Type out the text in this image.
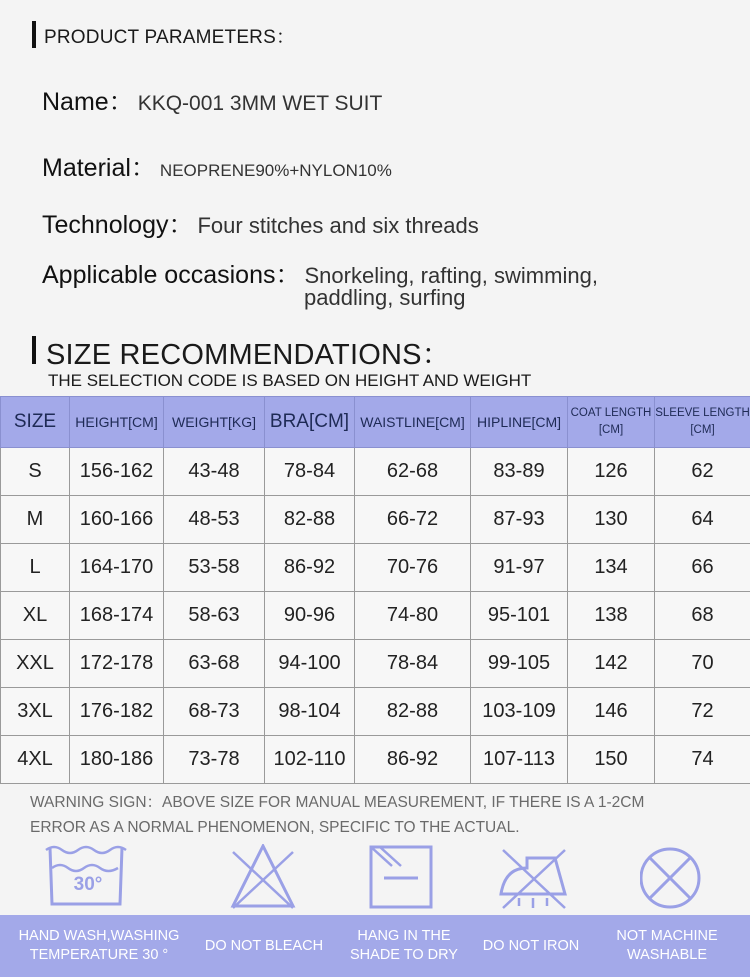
PRODUCT PARAMETERS：
Name： KKQ-001 3MM WET SUIT
Material： NEOPRENE90%+NYLON10%
Technology： Four stitches and six threads
Applicable occasions： Snorkeling, rafting, swimming,
paddling, surfing
SIZE RECOMMENDATIONS：
THE SELECTION CODE IS BASED ON HEIGHT AND WEIGHT
SIZE	HEIGHT[CM]	WEIGHT[KG]	BRA[CM]	WAISTLINE[CM]	HIPLINE[CM]	COAT LENGTH
[CM]	SLEEVE LENGTH
[CM]
S	156-162	43-48	78-84	62-68	83-89	126	62
M	160-166	48-53	82-88	66-72	87-93	130	64
L	164-170	53-58	86-92	70-76	91-97	134	66
XL	168-174	58-63	90-96	74-80	95-101	138	68
XXL	172-178	63-68	94-100	78-84	99-105	142	70
3XL	176-182	68-73	98-104	82-88	103-109	146	72
4XL	180-186	73-78	102-110	86-92	107-113	150	74
WARNING SIGN：ABOVE SIZE FOR MANUAL MEASUREMENT, IF THERE IS A 1-2CM
ERROR AS A NORMAL PHENOMENON, SPECIFIC TO THE ACTUAL.
30°
HAND WASH,WASHING
TEMPERATURE 30 °
DO NOT BLEACH
HANG IN THE
SHADE TO DRY
DO NOT IRON
NOT MACHINE
WASHABLE
